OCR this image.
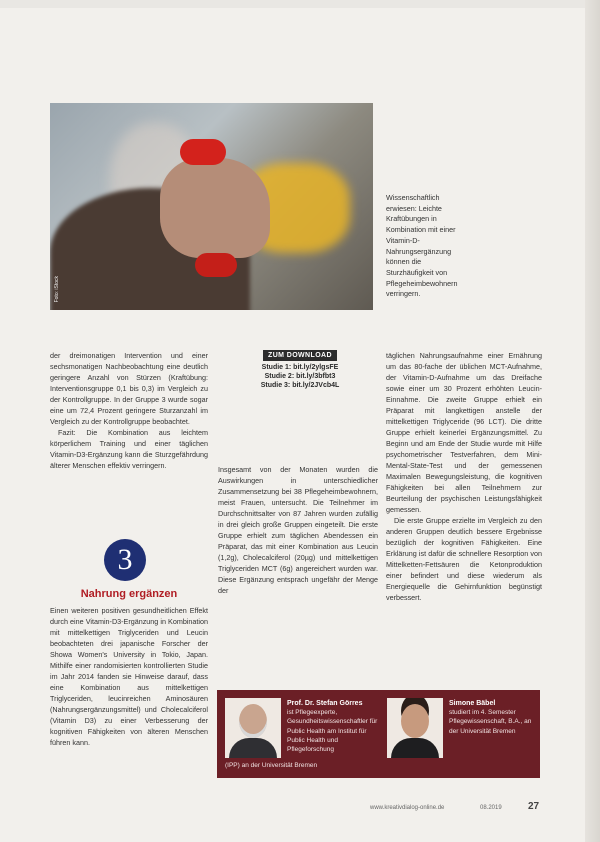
Foto: iStock
Wissenschaftlich erwiesen: Leichte Kraftübungen in Kombination mit einer Vitamin-D-Nahrungsergänzung können die Sturzhäufigkeit von Pflegeheimbewohnern verringern.

der dreimonatigen Intervention und einer sechsmonatigen Nachbeobachtung eine deutlich geringere Anzahl von Stürzen (Kraftübung: Interventionsgruppe 0,1 bis 0,3) im Vergleich zu der Kontrollgruppe. In der Gruppe 3 wurde sogar eine um 72,4 Prozent geringere Sturzanzahl im Vergleich zu der Kontrollgruppe beobachtet.

Fazit: Die Kombination aus leichtem körperlichem Training und einer täglichen Vitamin-D3-Ergänzung kann die Sturzgefährdung älterer Menschen effektiv verringern.

ZUM DOWNLOAD
Studie 1: bit.ly/2ylgsFE
Studie 2: bit.ly/3bfbt3
Studie 3: bit.ly/2JVcb4L
3
Nahrung ergänzen

Einen weiteren positiven gesundheitlichen Effekt durch eine Vitamin-D3-Ergänzung in Kombination mit mittelkettigen Triglyceriden und Leucin beobachteten drei japanische Forscher der Showa Women's University in Tokio, Japan. Mithilfe einer randomisierten kontrollierten Studie im Jahr 2014 fanden sie Hinweise darauf, dass eine Kombination aus mittelkettigen Triglyceriden, leucinreichen Aminosäuren (Nahrungsergänzungsmittel) und Cholecalciferol (Vitamin D3) zu einer Verbesserung der kognitiven Fähigkeiten von älteren Menschen führen kann.

Insgesamt von der Monaten wurden die Auswirkungen in unterschiedlicher Zusammensetzung bei 38 Pflegeheimbewohnern, meist Frauen, untersucht. Die Teilnehmer im Durchschnittsalter von 87 Jahren wurden zufällig in drei gleich große Gruppen eingeteilt. Die erste Gruppe erhielt zum täglichen Abendessen ein Präparat, das mit einer Kombination aus Leucin (1,2g), Cholecalciferol (20µg) und mittelkettigen Triglyceriden MCT (6g) angereichert wurden war. Diese Ergänzung entsprach ungefähr der Menge der

täglichen Nahrungsaufnahme einer Ernährung um das 80-fache der üblichen MCT-Aufnahme, der Vitamin-D-Aufnahme um das Dreifache sowie einer um 30 Prozent erhöhten Leucin-Einnahme. Die zweite Gruppe erhielt ein Präparat mit langkettigen anstelle der mittelkettigen Triglyceride (96 LCT). Die dritte Gruppe erhielt keinerlei Ergänzungsmittel. Zu Beginn und am Ende der Studie wurde mit Hilfe psychometrischer Testverfahren, dem Mini-Mental-State-Test und der gemessenen Maximalen Bewegungsleistung, die kognitiven Fähigkeiten bei allen Teilnehmern zur Beurteilung der psychischen Leistungsfähigkeit gemessen.

Die erste Gruppe erzielte im Vergleich zu den anderen Gruppen deutlich bessere Ergebnisse bezüglich der kognitiven Fähigkeiten. Eine Erklärung ist dafür die schnellere Resorption von Mittelketten-Fettsäuren die Ketonproduktion einer befindert und diese wiederum als Energiequelle die Gehirnfunktion begünstigt verbessert.

Prof. Dr. Stefan Görres
ist Pflegeexperte, Gesundheitswissenschaftler für Public Health am Institut für Public Health und Pflegeforschung
(IPP) an der Universität Bremen
Simone Bäbel
studiert im 4. Semester Pflegewissenschaft, B.A., an der Universität Bremen
www.kreativdialog-online.de	08.2019	27
